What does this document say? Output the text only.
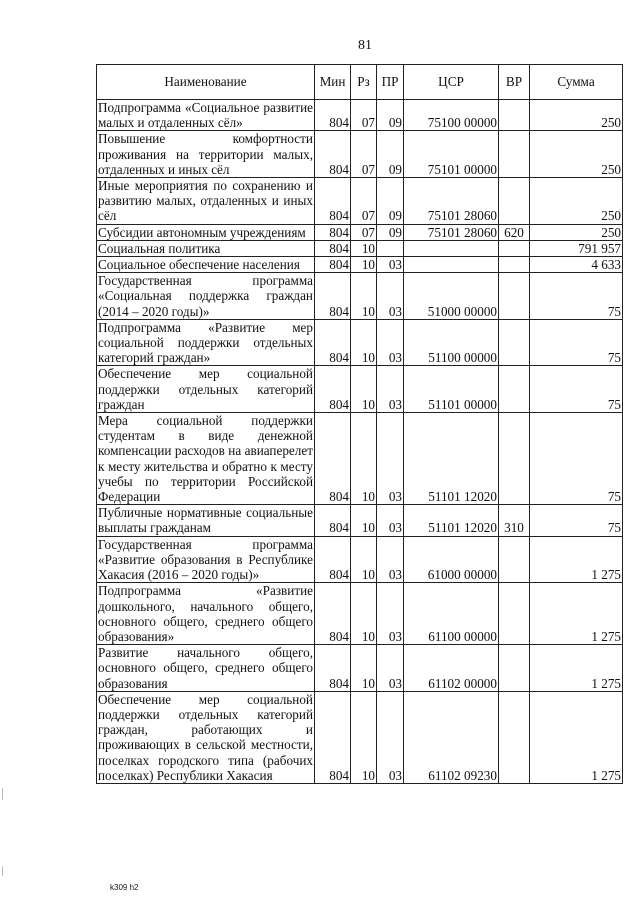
81
Наименование	Мин	Рз	ПР	ЦСР	ВР	Сумма
Подпрограмма «Социальное развитие малых и отдаленных сёл»	804	07	09	75100 00000		250
Повышение комфортности проживания на территории малых, отдаленных и иных сёл	804	07	09	75101 00000		250
Иные мероприятия по сохранению и развитию малых, отдаленных и иных сёл	804	07	09	75101 28060		250
Субсидии автономным учреждениям	804	07	09	75101 28060	620	250
Социальная политика	804	10				791 957
Социальное обеспечение населения	804	10	03			4 633
Государственная программа «Социальная поддержка граждан (2014 – 2020 годы)»	804	10	03	51000 00000		75
Подпрограмма «Развитие мер социальной поддержки отдельных категорий граждан»	804	10	03	51100 00000		75
Обеспечение мер социальной поддержки отдельных категорий граждан	804	10	03	51101 00000		75
Мера социальной поддержки студентам в виде денежной компенсации расходов на авиаперелет к месту жительства и обратно к месту учебы по территории Российской Федерации	804	10	03	51101 12020		75
Публичные нормативные социальные выплаты гражданам	804	10	03	51101 12020	310	75
Государственная программа «Развитие образования в Республике Хакасия (2016 – 2020 годы)»	804	10	03	61000 00000		1 275
Подпрограмма «Развитие дошкольного, начального общего, основного общего, среднего общего образования»	804	10	03	61100 00000		1 275
Развитие начального общего, основного общего, среднего общего образования	804	10	03	61102 00000		1 275
Обеспечение мер социальной поддержки отдельных категорий граждан, работающих и проживающих в сельской местности, поселках городского типа (рабочих поселках) Республики Хакасия	804	10	03	61102 09230		1 275
k309 h2
